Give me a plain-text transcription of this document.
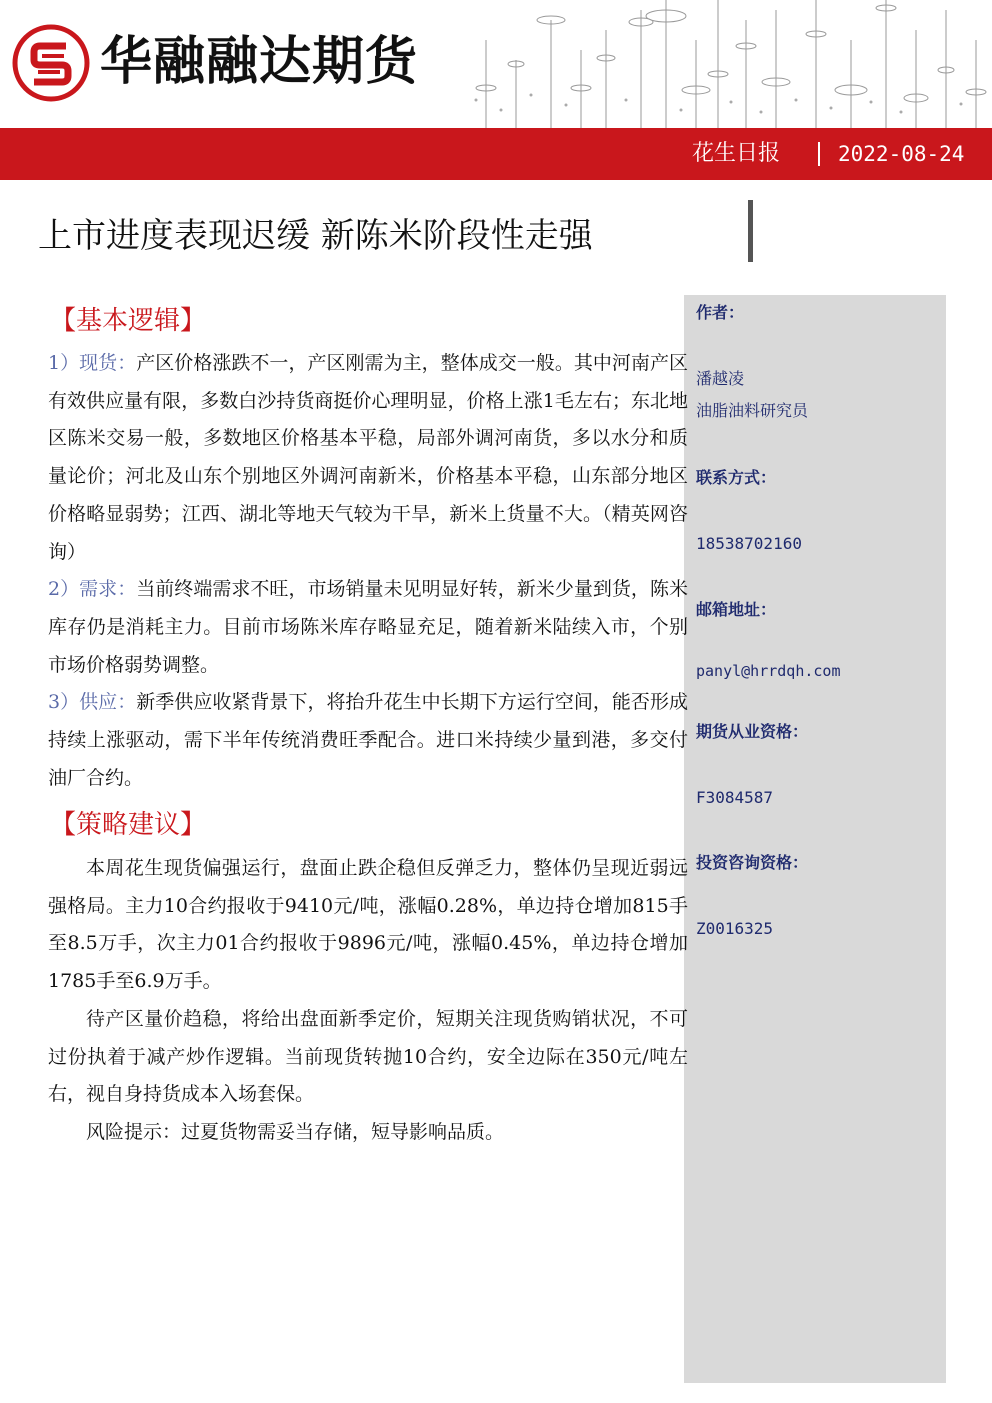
华融融达期货
花生日报	2022-08-24
上市进度表现迟缓 新陈米阶段性走强
作者：
潘越凌
油脂油料研究员
联系方式：
18538702160
邮箱地址：
panyl@hrrdqh.com
期货从业资格：
F3084587
投资咨询资格：
Z0016325
【基本逻辑】

1）现货：产区价格涨跌不一，产区刚需为主，整体成交一般。其中河南产区有效供应量有限，多数白沙持货商挺价心理明显，价格上涨1毛左右；东北地区陈米交易一般，多数地区价格基本平稳，局部外调河南货，多以水分和质量论价；河北及山东个别地区外调河南新米，价格基本平稳，山东部分地区价格略显弱势；江西、湖北等地天气较为干旱，新米上货量不大。（精英网咨询）

2）需求：当前终端需求不旺，市场销量未见明显好转，新米少量到货，陈米库存仍是消耗主力。目前市场陈米库存略显充足，随着新米陆续入市，个别市场价格弱势调整。

3）供应：新季供应收紧背景下，将抬升花生中长期下方运行空间，能否形成持续上涨驱动，需下半年传统消费旺季配合。进口米持续少量到港，多交付油厂合约。

【策略建议】

本周花生现货偏强运行，盘面止跌企稳但反弹乏力，整体仍呈现近弱远强格局。主力10合约报收于9410元/吨，涨幅0.28%，单边持仓增加815手至8.5万手，次主力01合约报收于9896元/吨，涨幅0.45%，单边持仓增加1785手至6.9万手。

待产区量价趋稳，将给出盘面新季定价，短期关注现货购销状况，不可过份执着于减产炒作逻辑。当前现货转抛10合约，安全边际在350元/吨左右，视自身持货成本入场套保。

风险提示：过夏货物需妥当存储，短导影响品质。
